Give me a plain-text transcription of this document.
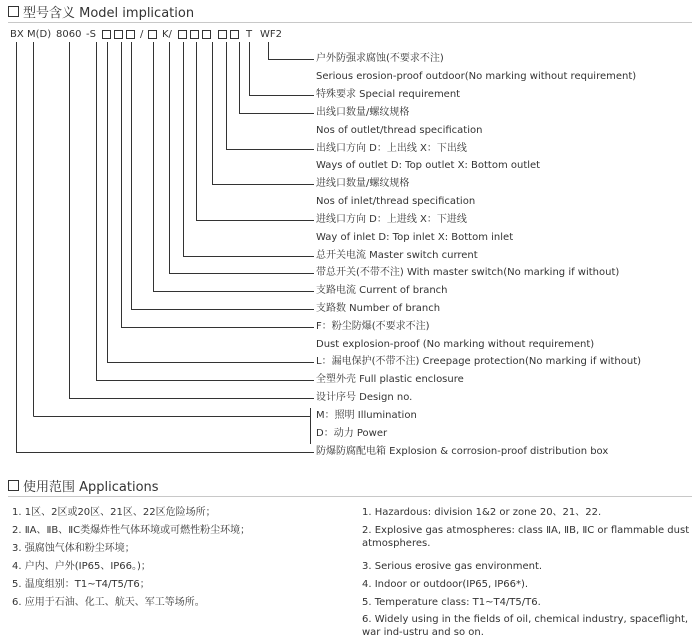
型号含义 Model implication
BX M(D) 8060 -S	/ K/	T WF2
户外防强求腐蚀(不要求不注)
Serious erosion-proof outdoor(No marking without requirement)
特殊要求 Special requirement
出线口数量/螺纹规格
Nos of outlet/thread specification
出线口方向 D：上出线 X：下出线
Ways of outlet D: Top outlet X: Bottom outlet
进线口数量/螺纹规格
Nos of inlet/thread specification
进线口方向 D：上进线 X：下进线
Way of inlet D: Top inlet X: Bottom inlet
总开关电流 Master switch current
带总开关(不带不注) With master switch(No marking if without)
支路电流 Current of branch
支路数 Number of branch
F：粉尘防爆(不要求不注)
Dust explosion-proof (No marking without requirement)
L：漏电保护(不带不注) Creepage protection(No marking if without)
全塑外壳 Full plastic enclosure
设计序号 Design no.
M：照明 Illumination
D：动力 Power
防爆防腐配电箱 Explosion & corrosion-proof distribution box
使用范围 Applications
1. 1区、2区或20区、21区、22区危险场所；
2. ⅡA、ⅡB、ⅡC类爆炸性气体环境或可燃性粉尘环境；
3. 强腐蚀气体和粉尘环境；
4. 户内、户外(IP65、IP66。)；
5. 温度组别：T1~T4/T5/T6；
6. 应用于石油、化工、航天、军工等场所。
1. Hazardous: division 1&2 or zone 20、21、22.
2. Explosive gas atmospheres: class ⅡA, ⅡB, ⅡC or flammable dust atmospheres.
3. Serious erosive gas environment.
4. Indoor or outdoor(IP65, IP66*).
5. Temperature class: T1~T4/T5/T6.
6. Widely using in the fields of oil, chemical industry, spaceflight, war ind-ustru and so on.
